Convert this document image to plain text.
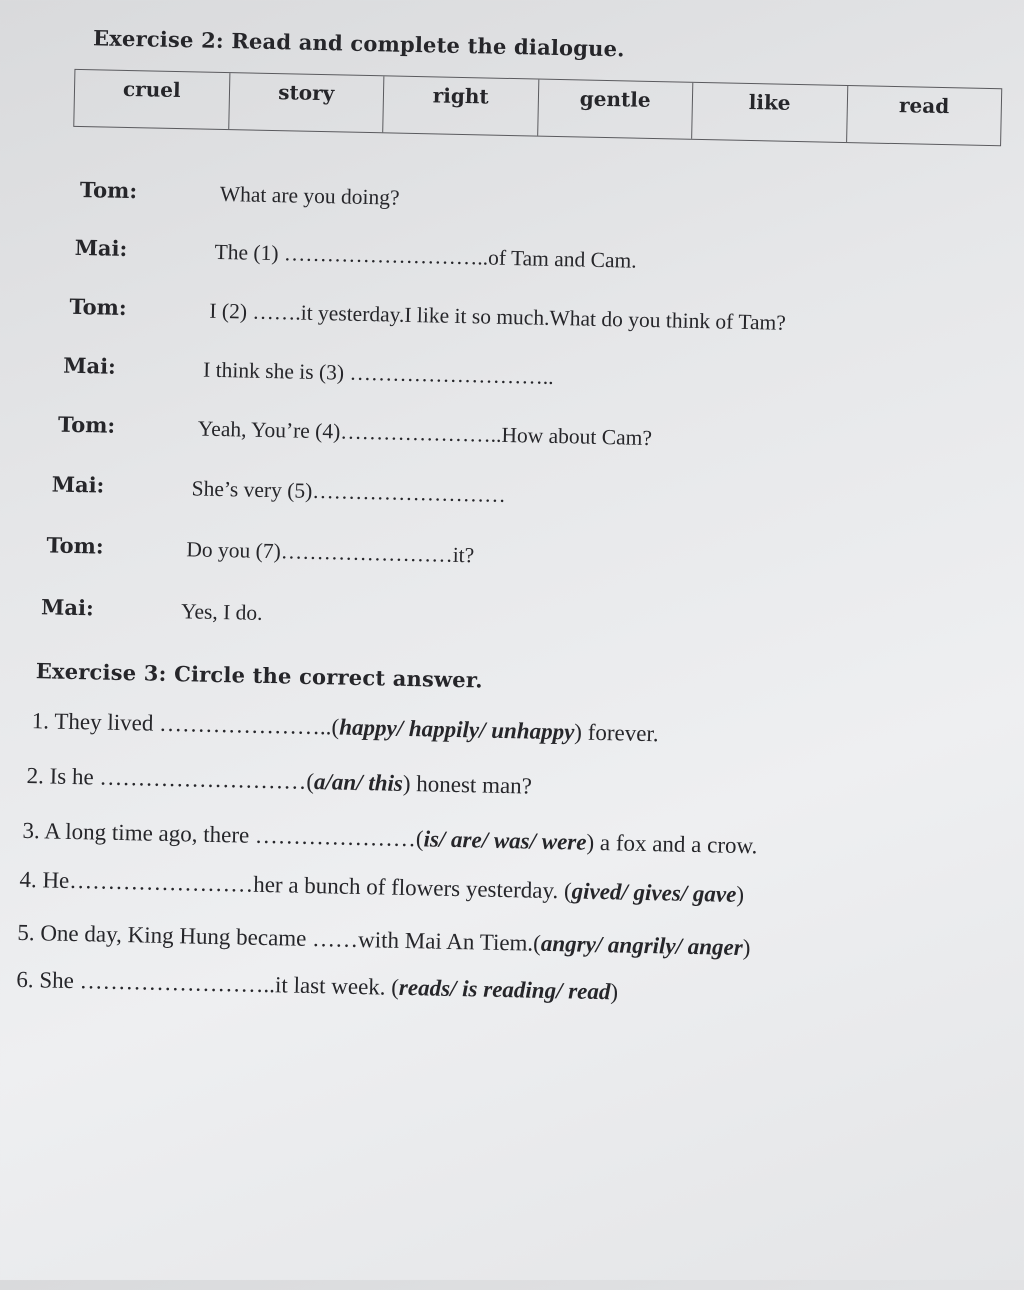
Exercise 2: Read and complete the dialogue.
cruel	story	right	gentle	like	read
Tom:	What are you doing?
Mai:	The (1) ………………………..of Tam and Cam.
Tom:	I (2) …….it yesterday.I like it so much.What do you think of Tam?
Mai:	I think she is (3) ………………………..
Tom:	Yeah, You’re (4)…………………..How about Cam?
Mai:	She’s very (5)………………………
Tom:	Do you (7)……………………it?
Mai:	Yes, I do.
Exercise 3: Circle the correct answer.
1. They lived …………………..(happy/ happily/ unhappy) forever.
2. Is he ………………………(a/an/ this) honest man?
3. A long time ago, there …………………(is/ are/ was/ were) a fox and a crow.
4. He……………………her a bunch of flowers yesterday. (gived/ gives/ gave)
5. One day, King Hung became ……with Mai An Tiem.(angry/ angrily/ anger)
6. She ……………………..it last week. (reads/ is reading/ read)
